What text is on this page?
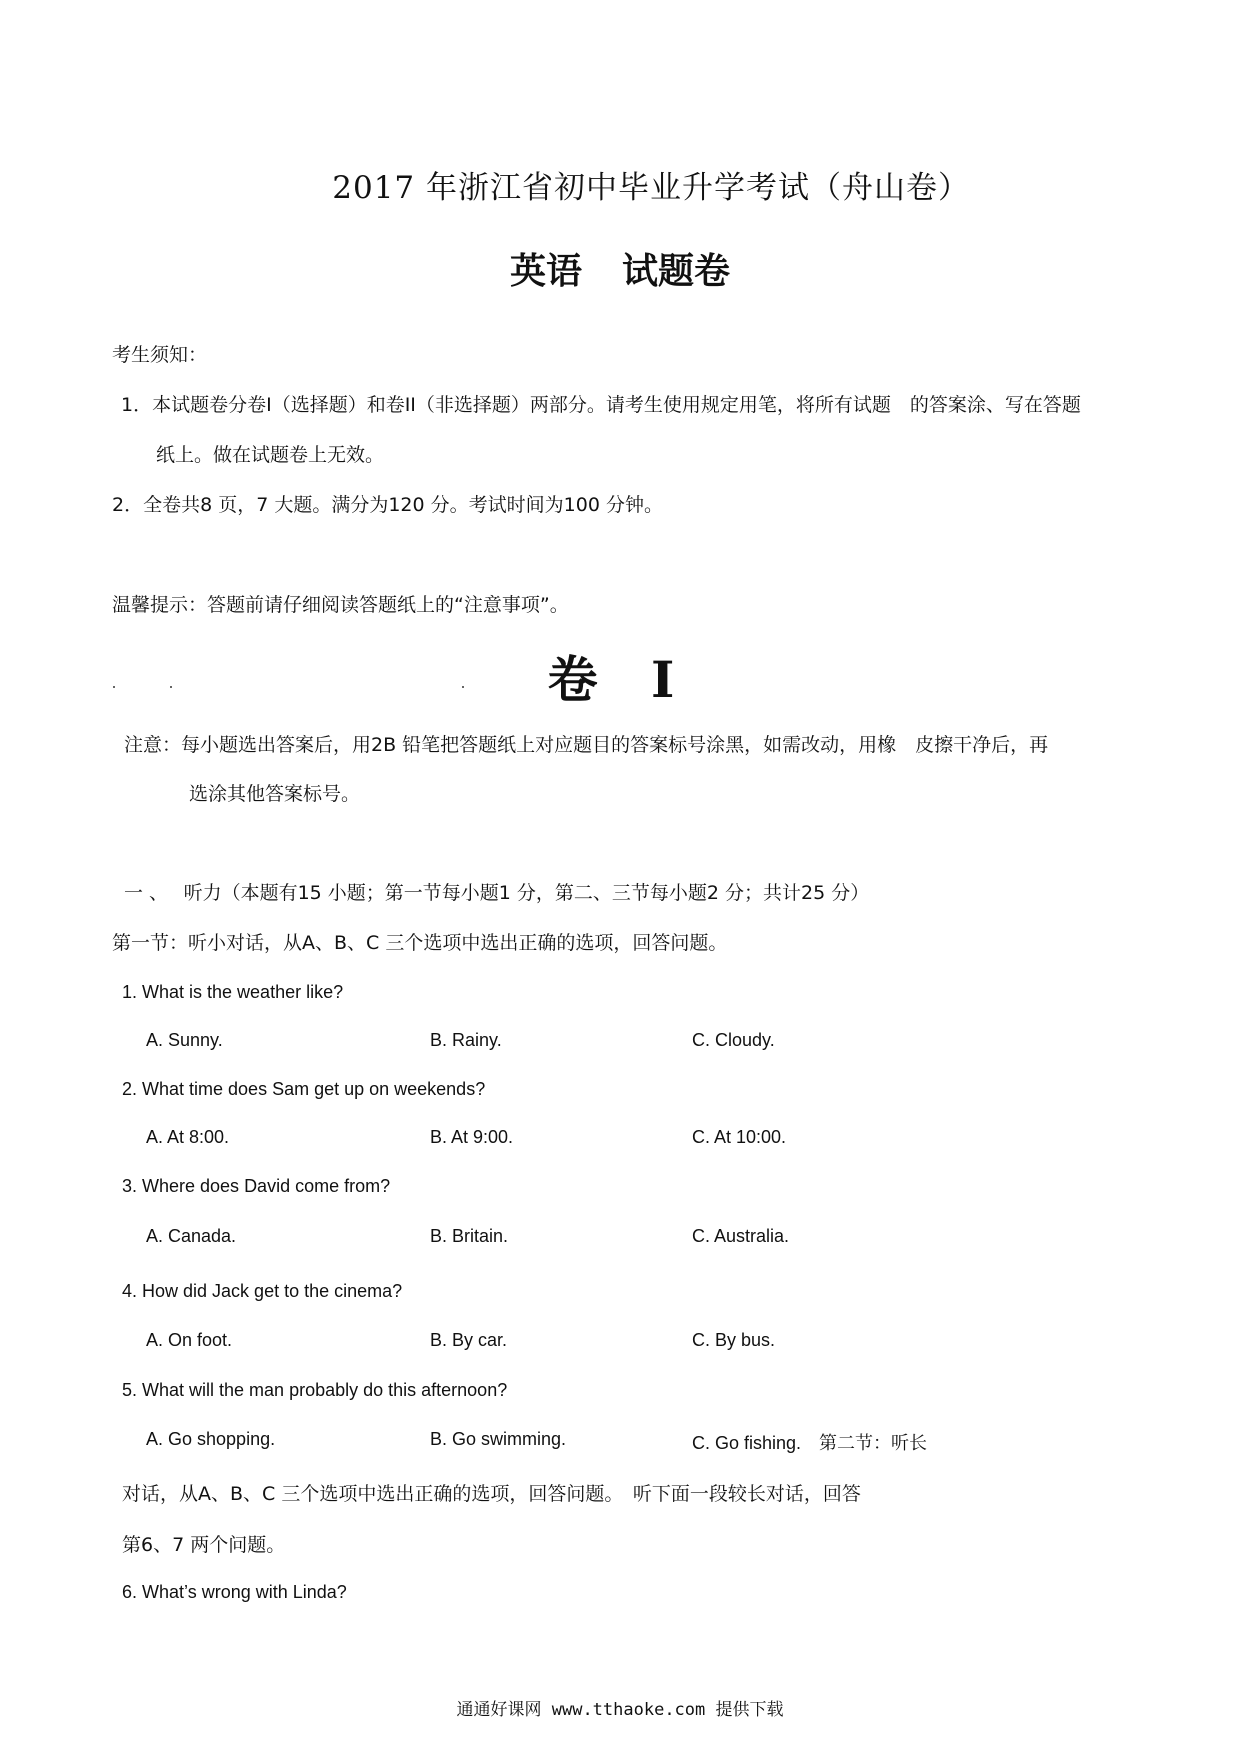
2017 年浙江省初中毕业升学考试（舟山卷）
英语 试题卷
考生须知：
1．本试题卷分卷I（选择题）和卷II（非选择题）两部分。请考生使用规定用笔，将所有试题　的答案涂、写在答题
纸上。做在试题卷上无效。
2．全卷共8 页，7 大题。满分为120 分。考试时间为100 分钟。
温馨提示：答题前请仔细阅读答题纸上的“注意事项”。
卷 I
注意：每小题选出答案后，用2B 铅笔把答题纸上对应题目的答案标号涂黑，如需改动，用橡　皮擦干净后，再
选涂其他答案标号。
一 、　 听力（本题有15 小题；第一节每小题1 分，第二、三节每小题2 分；共计25 分）
第一节：听小对话，从A、B、C 三个选项中选出正确的选项，回答问题。
1. What is the weather like?
A. Sunny.	B. Rainy.	C. Cloudy.
2. What time does Sam get up on weekends?
A. At 8:00.	B. At 9:00.	C. At 10:00.
3. Where does David come from?
A. Canada.	B. Britain.	C. Australia.
4. How did Jack get to the cinema?
A. On foot.	B. By car.	C. By bus.
5. What will the man probably do this afternoon?
A. Go shopping.	B. Go swimming.	C. Go fishing.　第二节：听长
对话，从A、B、C 三个选项中选出正确的选项，回答问题。　听下面一段较长对话，回答
第6、7 两个问题。
6. What’s wrong with Linda?
通通好课网 www.tthaoke.com 提供下载
